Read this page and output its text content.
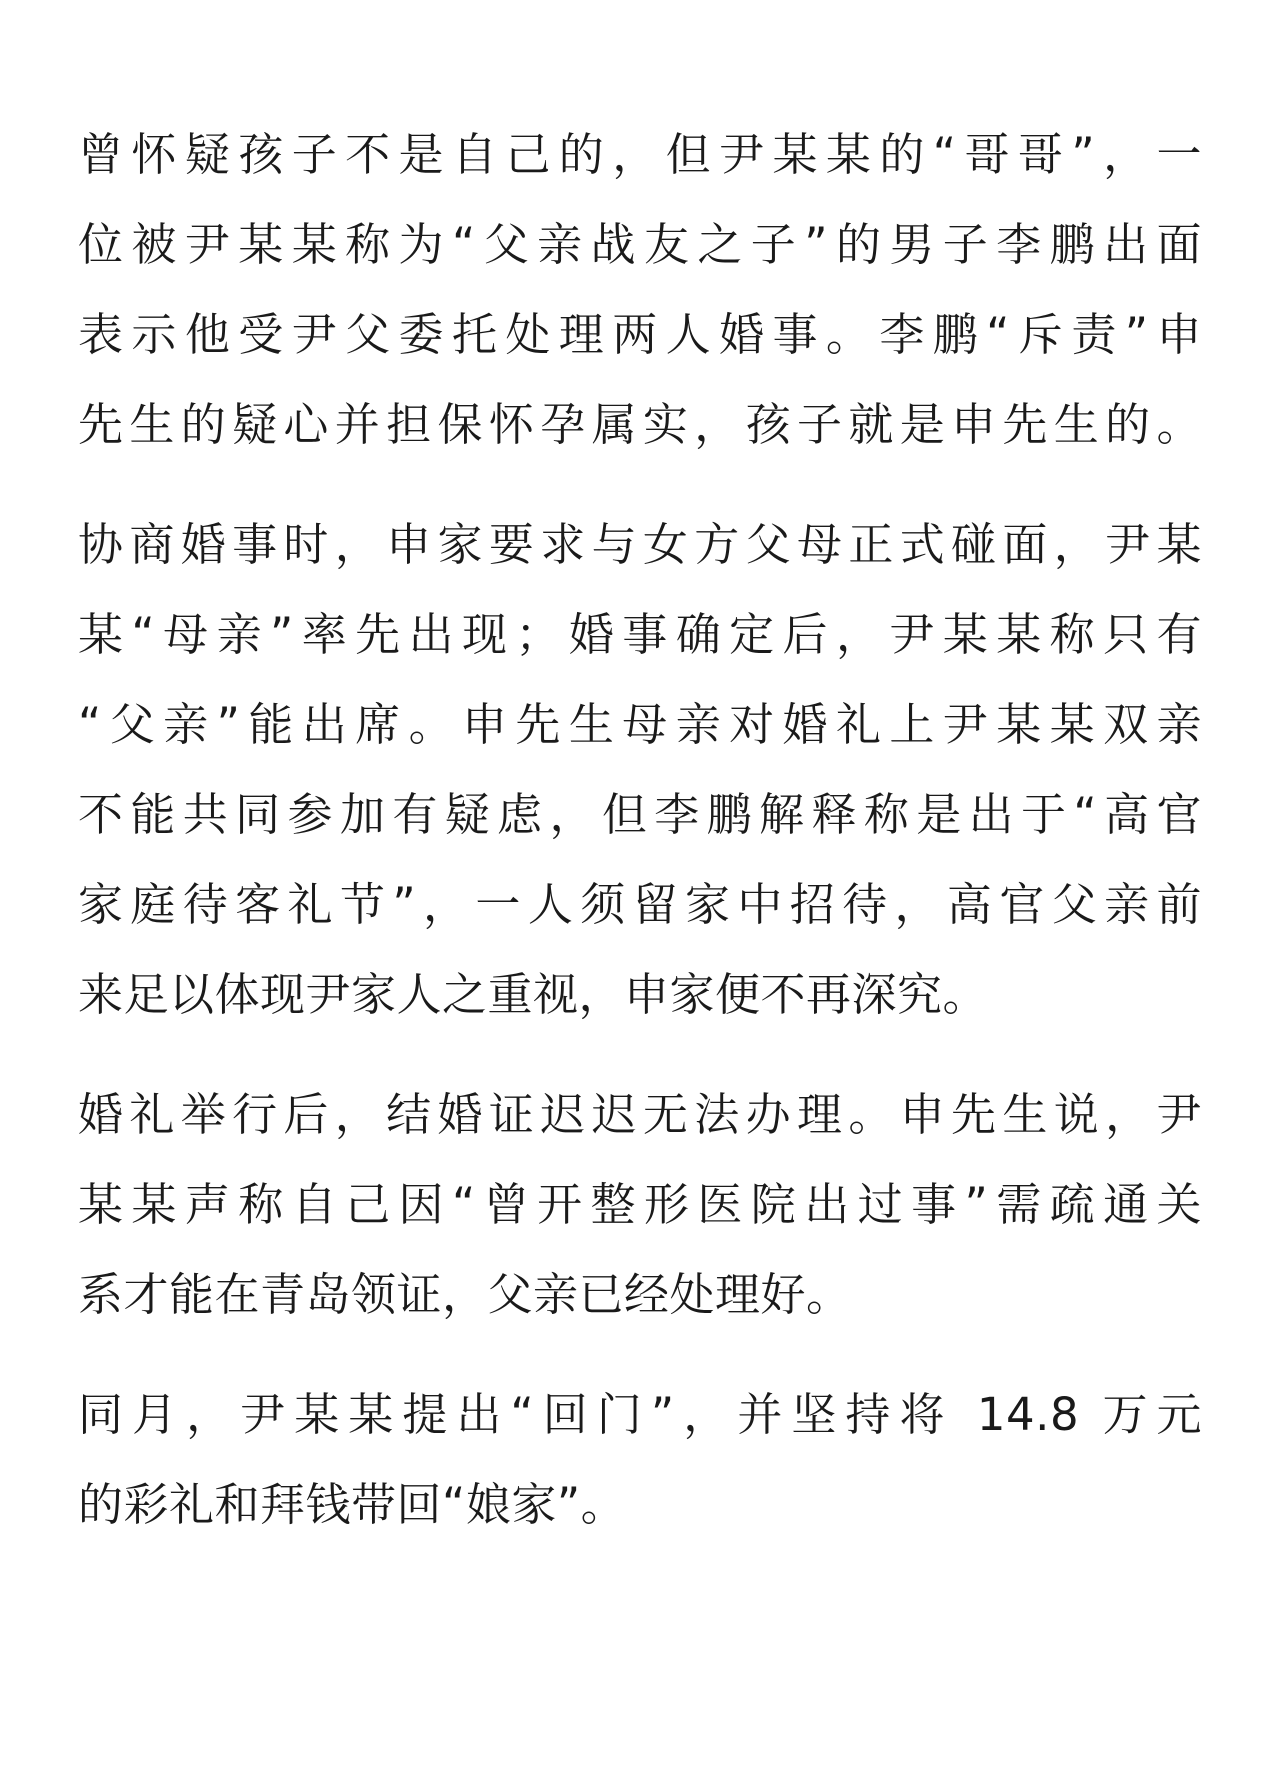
曾怀疑孩子不是自己的，但尹某某的“哥哥”，一
位被尹某某称为“父亲战友之子”的男子李鹏出面
表示他受尹父委托处理两人婚事。李鹏“斥责”申
先生的疑心并担保怀孕属实，孩子就是申先生的。
协商婚事时，申家要求与女方父母正式碰面，尹某
某“母亲”率先出现；婚事确定后，尹某某称只有
“父亲”能出席。申先生母亲对婚礼上尹某某双亲
不能共同参加有疑虑，但李鹏解释称是出于“高官
家庭待客礼节”，一人须留家中招待，高官父亲前
来足以体现尹家人之重视，申家便不再深究。
婚礼举行后，结婚证迟迟无法办理。申先生说，尹
某某声称自己因“曾开整形医院出过事”需疏通关
系才能在青岛领证，父亲已经处理好。
同月，尹某某提出“回门”，并坚持将 14.8 万元
的彩礼和拜钱带回“娘家”。
